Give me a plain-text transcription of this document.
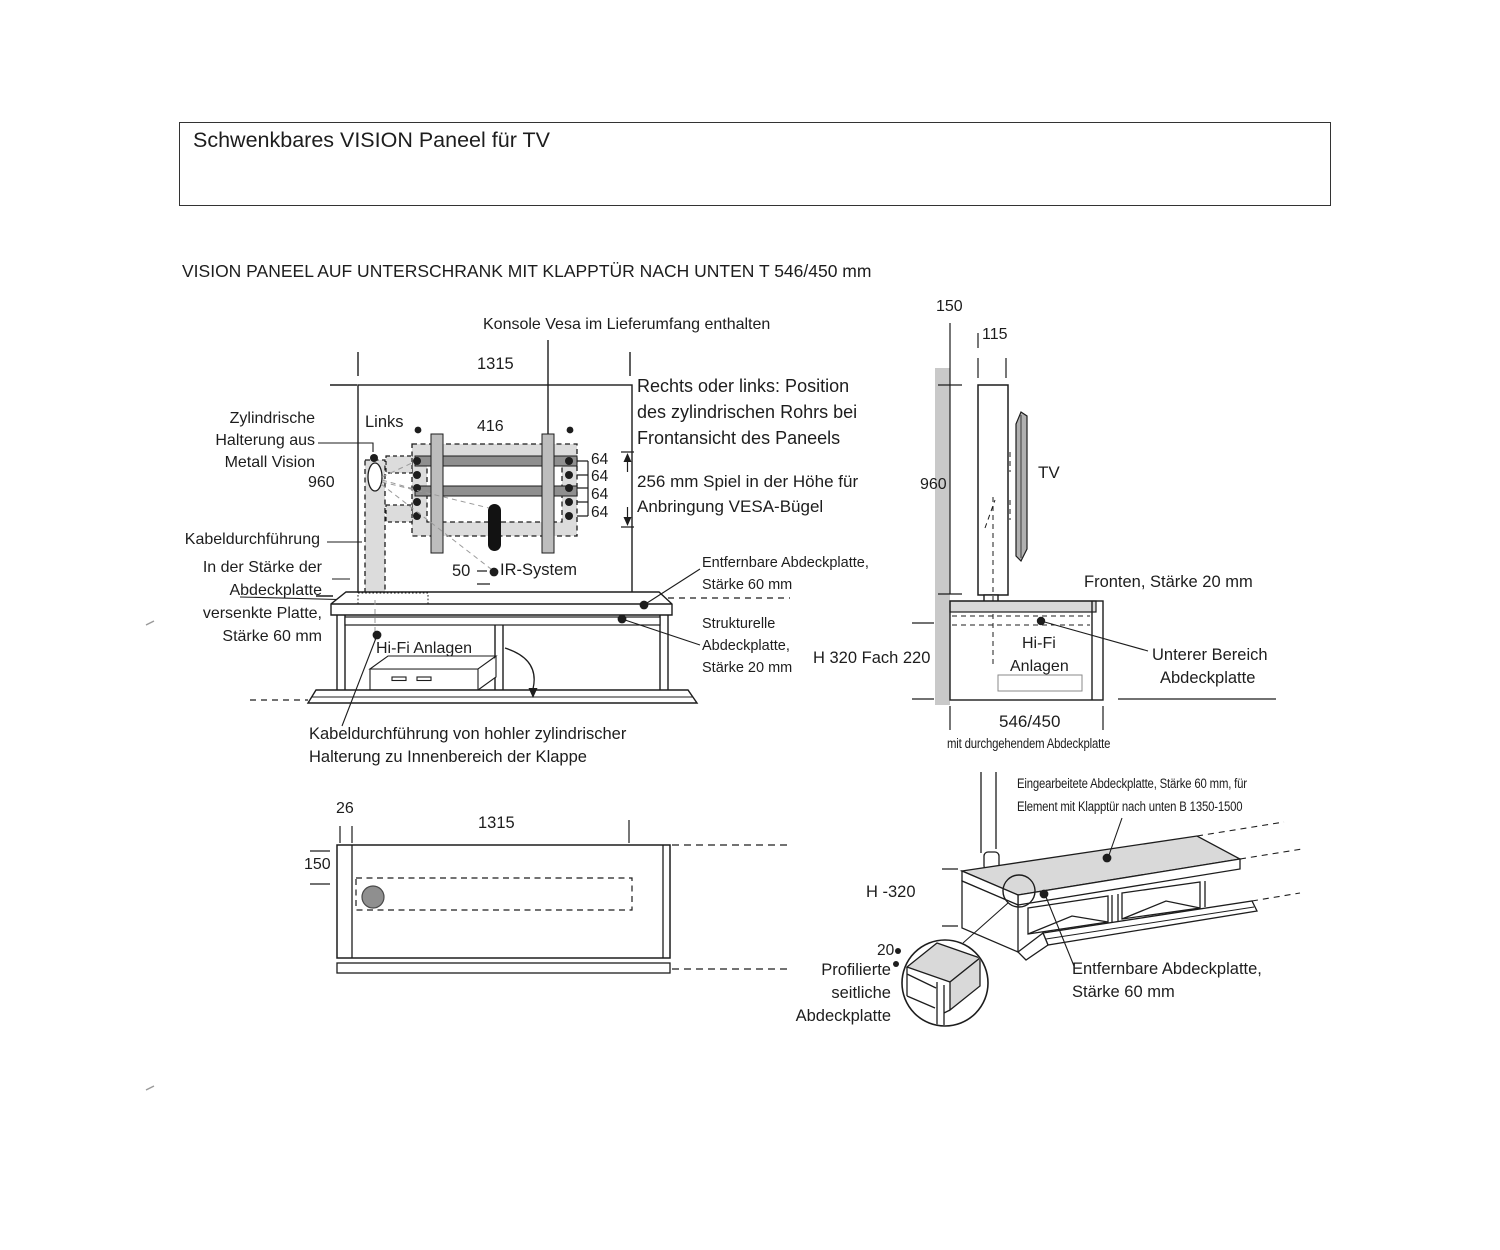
Schwenkbares VISION Paneel für TV
VISION PANEEL AUF UNTERSCHRANK MIT KLAPPTÜR NACH UNTEN T 546/450 mm
Konsole Vesa im Lieferumfang enthalten
1315
Links	416
960
64
64
64
64
50 IR-System
Rechts oder links: Position
des zylindrischen Rohrs bei
Frontansicht des Paneels
256 mm Spiel in der Höhe für
Anbringung VESA-Bügel
Zylindrische
Halterung aus
Metall Vision
Kabeldurchführung
In der Stärke der
Abdeckplatte
versenkte Platte,
Stärke 60 mm
Hi-Fi Anlagen
Entfernbare Abdeckplatte,
Stärke 60 mm
Strukturelle
Abdeckplatte,
Stärke 20 mm
Kabeldurchführung von hohler zylindrischer
Halterung zu Innenbereich der Klappe
150
115
960
TV
Fronten, Stärke 20 mm
H 320 Fach 220
Hi-Fi
Anlagen
Unterer Bereich
Abdeckplatte
546/450
mit durchgehendem Abdeckplatte
26
1315
150
Eingearbeitete Abdeckplatte, Stärke 60 mm, für
Element mit Klapptür nach unten B 1350-1500
H -320
20
Profilierte
seitliche
Abdeckplatte
Entfernbare Abdeckplatte,
Stärke 60 mm
